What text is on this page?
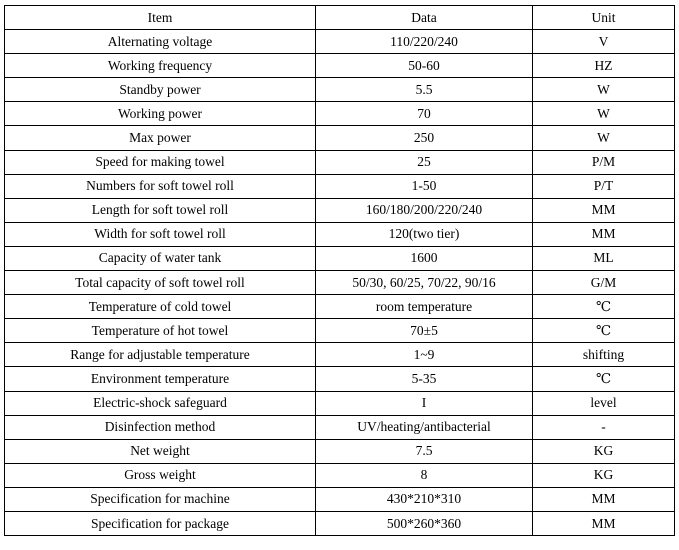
Item	Data	Unit
Alternating voltage	110/220/240	V
Working frequency	50-60	HZ
Standby power	5.5	W
Working power	70	W
Max power	250	W
Speed for making towel	25	P/M
Numbers for soft towel roll	1-50	P/T
Length for soft towel roll	160/180/200/220/240	MM
Width for soft towel roll	120(two tier)	MM
Capacity of water tank	1600	ML
Total capacity of soft towel roll	50/30, 60/25, 70/22, 90/16	G/M
Temperature of cold towel	room temperature	℃
Temperature of hot towel	70±5	℃
Range for adjustable temperature	1~9	shifting
Environment temperature	5-35	℃
Electric-shock safeguard	I	level
Disinfection method	UV/heating/antibacterial	-
Net weight	7.5	KG
Gross weight	8	KG
Specification for machine	430*210*310	MM
Specification for package	500*260*360	MM
